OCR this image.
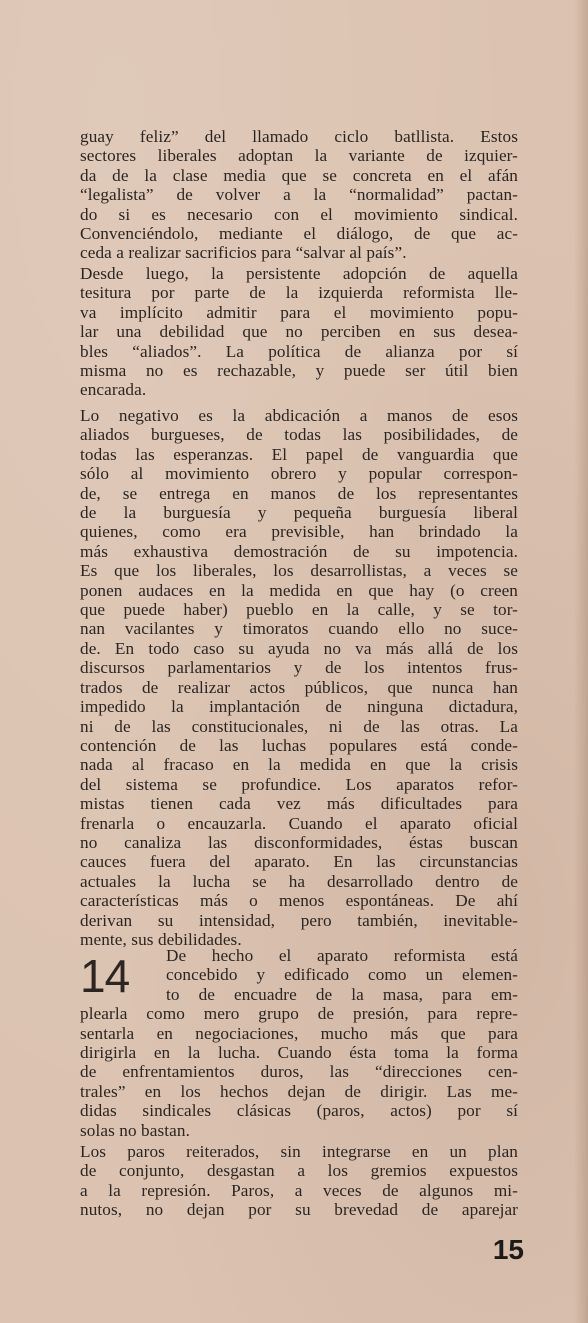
guay feliz” del llamado ciclo batllista. Estos
sectores liberales adoptan la variante de izquier-
da de la clase media que se concreta en el afán
“legalista” de volver a la “normalidad” pactan-
do si es necesario con el movimiento sindical.
Convenciéndolo, mediante el diálogo, de que ac-
ceda a realizar sacrificios para “salvar al país”.

Desde luego, la persistente adopción de aquella
tesitura por parte de la izquierda reformista lle-
va implícito admitir para el movimiento popu-
lar una debilidad que no perciben en sus desea-
bles “aliados”. La política de alianza por sí
misma no es rechazable, y puede ser útil bien
encarada.

Lo negativo es la abdicación a manos de esos
aliados burgueses, de todas las posibilidades, de
todas las esperanzas. El papel de vanguardia que
sólo al movimiento obrero y popular correspon-
de, se entrega en manos de los representantes
de la burguesía y pequeña burguesía liberal
quienes, como era previsible, han brindado la
más exhaustiva demostración de su impotencia.
Es que los liberales, los desarrollistas, a veces se
ponen audaces en la medida en que hay (o creen
que puede haber) pueblo en la calle, y se tor-
nan vacilantes y timoratos cuando ello no suce-
de. En todo caso su ayuda no va más allá de los
discursos parlamentarios y de los intentos frus-
trados de realizar actos públicos, que nunca han
impedido la implantación de ninguna dictadura,
ni de las constitucionales, ni de las otras. La
contención de las luchas populares está conde-
nada al fracaso en la medida en que la crisis
del sistema se profundice. Los aparatos refor-
mistas tienen cada vez más dificultades para
frenarla o encauzarla. Cuando el aparato oficial
no canaliza las disconformidades, éstas buscan
cauces fuera del aparato. En las circunstancias
actuales la lucha se ha desarrollado dentro de
características más o menos espontáneas. De ahí
derivan su intensidad, pero también, inevitable-
mente, sus debilidades.

14	De hecho el aparato reformista está
concebido y edificado como un elemen-
to de encuadre de la masa, para em-
plearla como mero grupo de presión, para repre-
sentarla en negociaciones, mucho más que para
dirigirla en la lucha. Cuando ésta toma la forma
de enfrentamientos duros, las “direcciones cen-
trales” en los hechos dejan de dirigir. Las me-
didas sindicales clásicas (paros, actos) por sí
solas no bastan.

Los paros reiterados, sin integrarse en un plan
de conjunto, desgastan a los gremios expuestos
a la represión. Paros, a veces de algunos mi-
nutos, no dejan por su brevedad de aparejar

15
